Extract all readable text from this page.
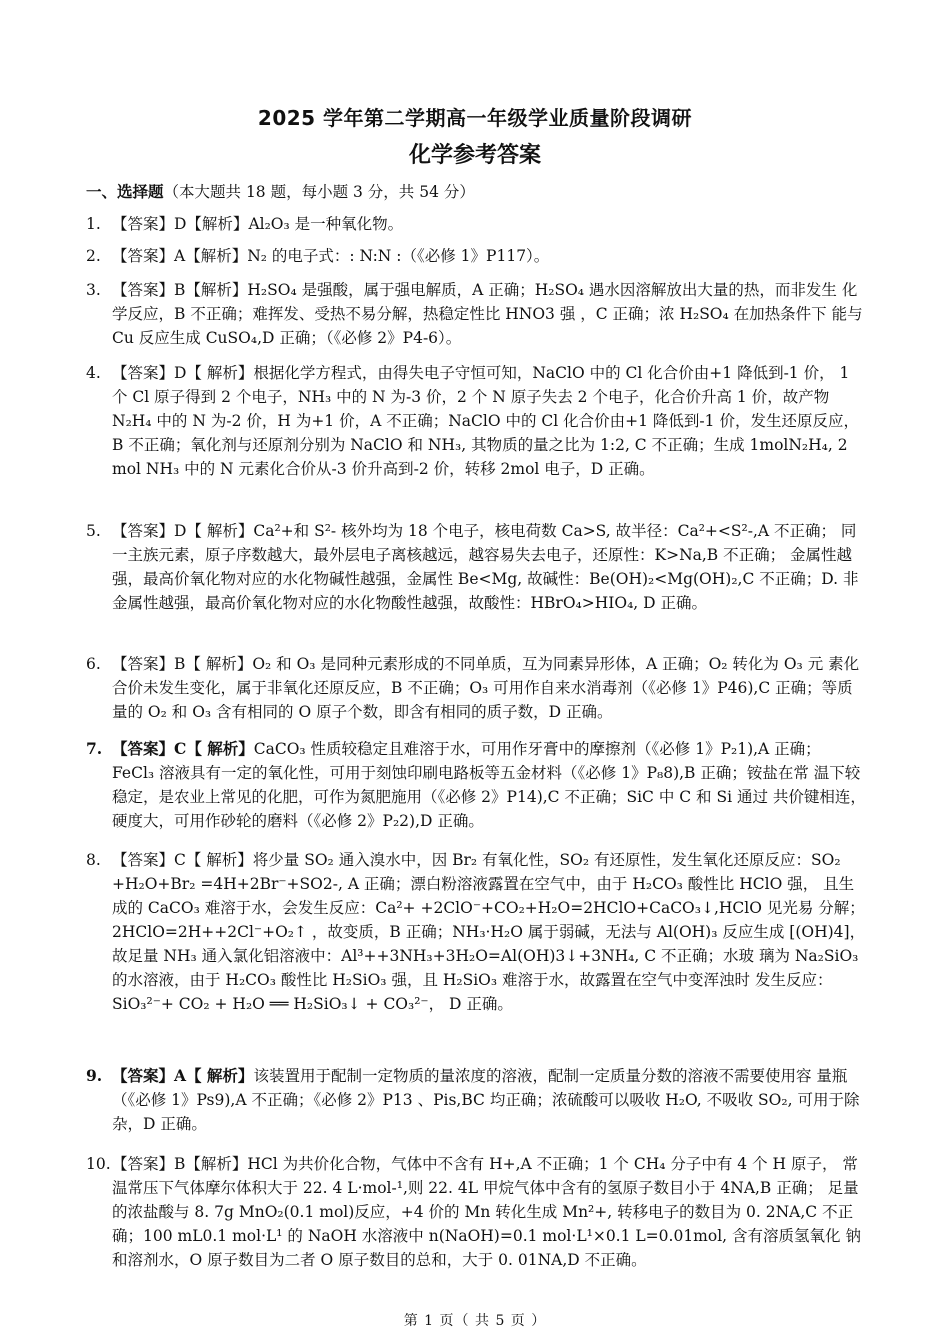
2025 学年第二学期高一年级学业质量阶段调研
化学参考答案
一、选择题（本大题共 18 题，每小题 3 分，共 54 分）
1. 【答案】D【解析】Al₂O₃ 是一种氧化物。
2. 【答案】A【解析】N₂ 的电子式：: N:N :（《必修 1》P117）。
3. 【答案】B【解析】H₂SO₄ 是强酸，属于强电解质，A 正确；H₂SO₄ 遇水因溶解放出大量的热，而非发生 化学反应，B 不正确；难挥发、受热不易分解，热稳定性比 HNO3 强 ，C 正确；浓 H₂SO₄ 在加热条件下 能与 Cu 反应生成 CuSO₄,D 正确；（《必修 2》P4-6）。
4. 【答案】D【 解析】根据化学方程式，由得失电子守恒可知，NaClO 中的 Cl 化合价由+1 降低到-1 价， 1 个 Cl 原子得到 2 个电子，NH₃ 中的 N 为-3 价，2 个 N 原子失去 2 个电子，化合价升高 1 价，故产物 N₂H₄ 中的 N 为-2 价，H 为+1 价，A 不正确；NaClO 中的 Cl 化合价由+1 降低到-1 价，发生还原反应， B 不正确；氧化剂与还原剂分别为 NaClO 和 NH₃, 其物质的量之比为 1:2, C 不正确；生成 1molN₂H₄, 2 mol NH₃ 中的 N 元素化合价从-3 价升高到-2 价，转移 2mol 电子，D 正确。
5. 【答案】D【 解析】Ca²+和 S²- 核外均为 18 个电子，核电荷数 Ca>S, 故半径：Ca²+<S²-,A 不正确； 同一主族元素，原子序数越大，最外层电子离核越远，越容易失去电子，还原性：K>Na,B 不正确； 金属性越强，最高价氧化物对应的水化物碱性越强，金属性 Be<Mg, 故碱性：Be(OH)₂<Mg(OH)₂,C 不正确；D. 非金属性越强，最高价氧化物对应的水化物酸性越强，故酸性：HBrO₄>HIO₄, D 正确。
6. 【答案】B【 解析】O₂ 和 O₃ 是同种元素形成的不同单质，互为同素异形体，A 正确；O₂ 转化为 O₃ 元 素化合价未发生变化，属于非氧化还原反应，B 不正确；O₃ 可用作自来水消毒剂（《必修 1》P46),C 正确；等质量的 O₂ 和 O₃ 含有相同的 O 原子个数，即含有相同的质子数，D 正确。
7. 【答案】C【 解析】CaCO₃ 性质较稳定且难溶于水，可用作牙膏中的摩擦剂（《必修 1》P₂1),A 正确； FeCl₃ 溶液具有一定的氧化性，可用于刻蚀印刷电路板等五金材料（《必修 1》P₈8),B 正确；铵盐在常 温下较稳定，是农业上常见的化肥，可作为氮肥施用（《必修 2》P14),C 不正确；SiC 中 C 和 Si 通过 共价键相连，硬度大，可用作砂轮的磨料（《必修 2》P₂2),D 正确。
8. 【答案】C【 解析】将少量 SO₂ 通入溴水中，因 Br₂ 有氧化性，SO₂ 有还原性，发生氧化还原反应：SO₂ +H₂O+Br₂ =4H+2Br⁻+SO2-, A 正确；漂白粉溶液露置在空气中，由于 H₂CO₃ 酸性比 HClO 强， 且生成的 CaCO₃ 难溶于水，会发生反应：Ca²+ +2ClO⁻+CO₂+H₂O=2HClO+CaCO₃↓,HClO 见光易 分解；2HClO=2H++2Cl⁻+O₂↑ ，故变质，B 正确；NH₃·H₂O 属于弱碱，无法与 Al(OH)₃ 反应生成 [(OH)4]，故足量 NH₃ 通入氯化铝溶液中：Al³++3NH₃+3H₂O=Al(OH)3↓+3NH₄, C 不正确；水玻 璃为 Na₂SiO₃ 的水溶液，由于 H₂CO₃ 酸性比 H₂SiO₃ 强，且 H₂SiO₃ 难溶于水，故露置在空气中变浑浊时 发生反应：SiO₃²⁻+ CO₂ + H₂O ══ H₂SiO₃↓ + CO₃²⁻， D 正确。
9. 【答案】A【 解析】该装置用于配制一定物质的量浓度的溶液，配制一定质量分数的溶液不需要使用容 量瓶（《必修 1》Ps9),A 不正确；《必修 2》P13 、Pis,BC 均正确；浓硫酸可以吸收 H₂O, 不吸收 SO₂, 可用于除杂，D 正确。
10. 【答案】B【解析】HCl 为共价化合物，气体中不含有 H+,A 不正确；1 个 CH₄ 分子中有 4 个 H 原子， 常温常压下气体摩尔体积大于 22. 4 L·mol-¹,则 22. 4L 甲烷气体中含有的氢原子数目小于 4NA,B 正确； 足量的浓盐酸与 8. 7g MnO₂(0.1 mol)反应，+4 价的 Mn 转化生成 Mn²+, 转移电子的数目为 0. 2NA,C 不正确；100 mL0.1 mol·L¹ 的 NaOH 水溶液中 n(NaOH)=0.1 mol·L¹×0.1 L=0.01mol, 含有溶质氢氧化 钠和溶剂水，O 原子数目为二者 O 原子数目的总和，大于 0. 01NA,D 不正确。
第 1 页（ 共 5 页 ）
